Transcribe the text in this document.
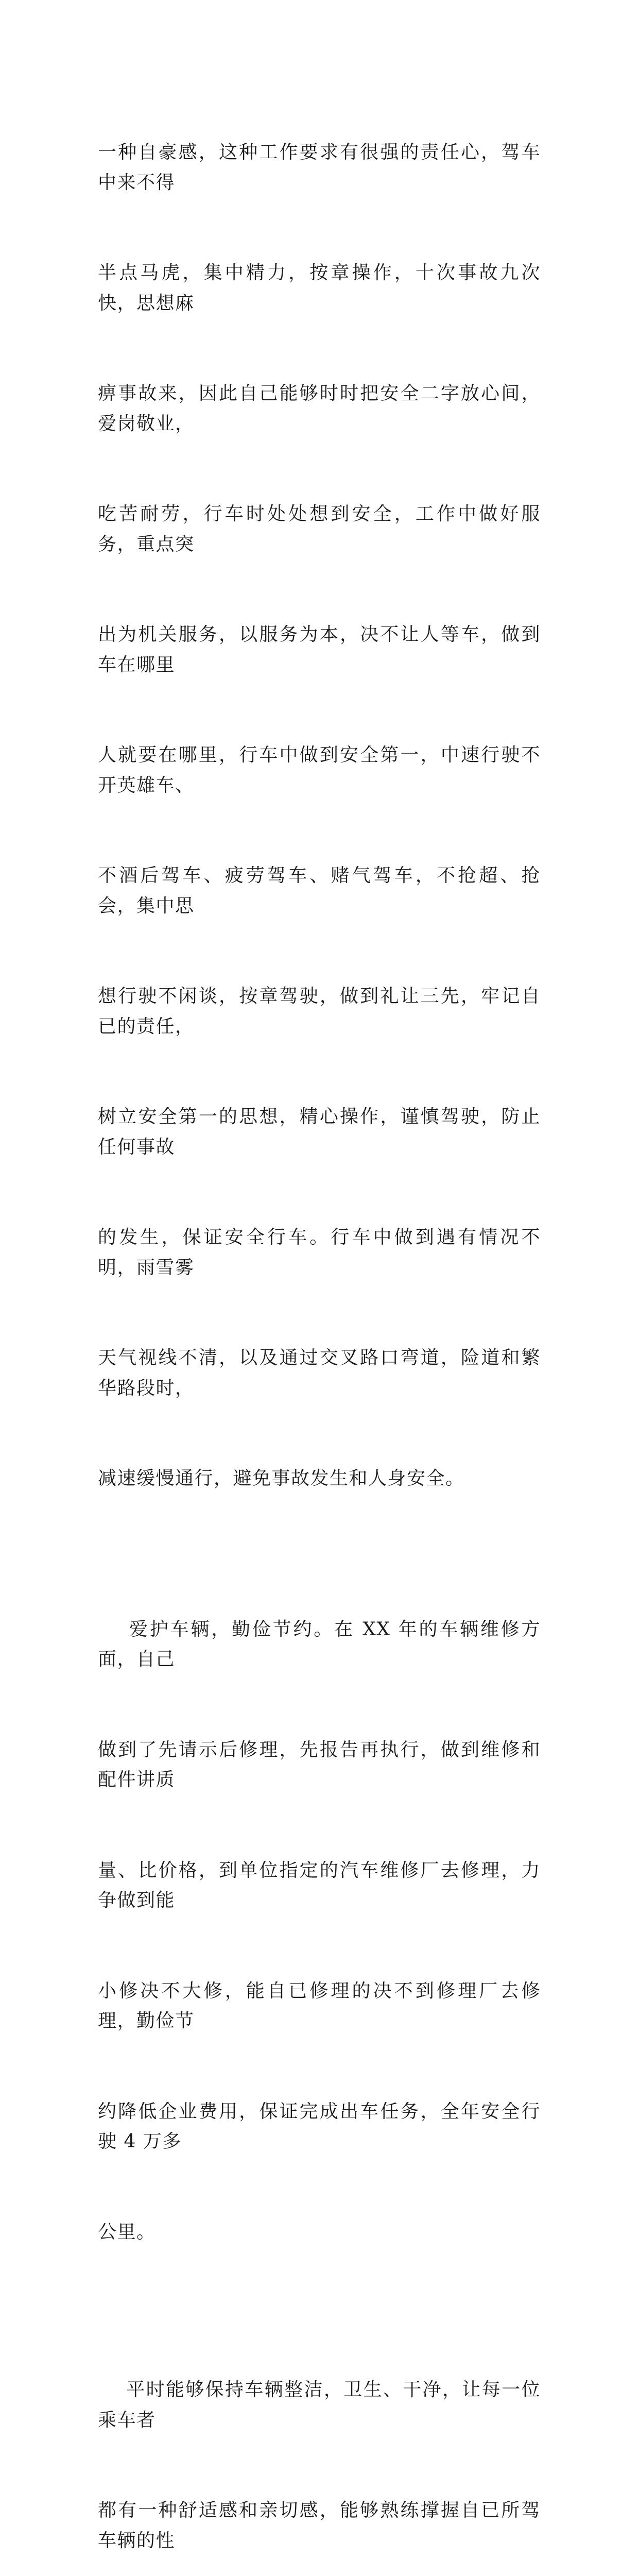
一种自豪感，这种工作要求有很强的责任心，驾车中来不得

半点马虎，集中精力，按章操作，十次事故九次快，思想麻

痹事故来，因此自己能够时时把安全二字放心间，爱岗敬业，

吃苦耐劳，行车时处处想到安全，工作中做好服务，重点突

出为机关服务，以服务为本，决不让人等车，做到车在哪里

人就要在哪里，行车中做到安全第一，中速行驶不开英雄车、

不酒后驾车、疲劳驾车、赌气驾车，不抢超、抢会，集中思

想行驶不闲谈，按章驾驶，做到礼让三先，牢记自已的责任，

树立安全第一的思想，精心操作，谨慎驾驶，防止任何事故

的发生，保证安全行车。行车中做到遇有情况不明，雨雪雾

天气视线不清，以及通过交叉路口弯道，险道和繁华路段时，

减速缓慢通行，避免事故发生和人身安全。

爱护车辆，勤俭节约。在 XX 年的车辆维修方面，自己

做到了先请示后修理，先报告再执行，做到维修和配件讲质

量、比价格，到单位指定的汽车维修厂去修理，力争做到能

小修决不大修，能自已修理的决不到修理厂去修理，勤俭节

约降低企业费用，保证完成出车任务，全年安全行驶 4 万多

公里。

平时能够保持车辆整洁，卫生、干净，让每一位乘车者

都有一种舒适感和亲切感，能够熟练撑握自已所驾车辆的性
